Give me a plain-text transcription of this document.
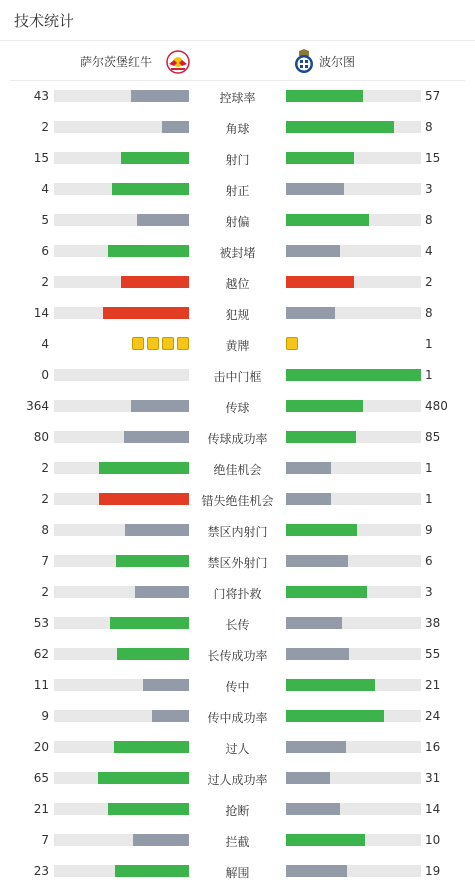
技术统计
萨尔茨堡红牛	波尔图
43	控球率	57
2	角球	8
15	射门	15
4	射正	3
5	射偏	8
6	被封堵	4
2	越位	2
14	犯规	8
4	黄牌	1
0	击中门框	1
364	传球	480
80	传球成功率	85
2	绝佳机会	1
2	错失绝佳机会	1
8	禁区内射门	9
7	禁区外射门	6
2	门将扑救	3
53	长传	38
62	长传成功率	55
11	传中	21
9	传中成功率	24
20	过人	16
65	过人成功率	31
21	抢断	14
7	拦截	10
23	解围	19
